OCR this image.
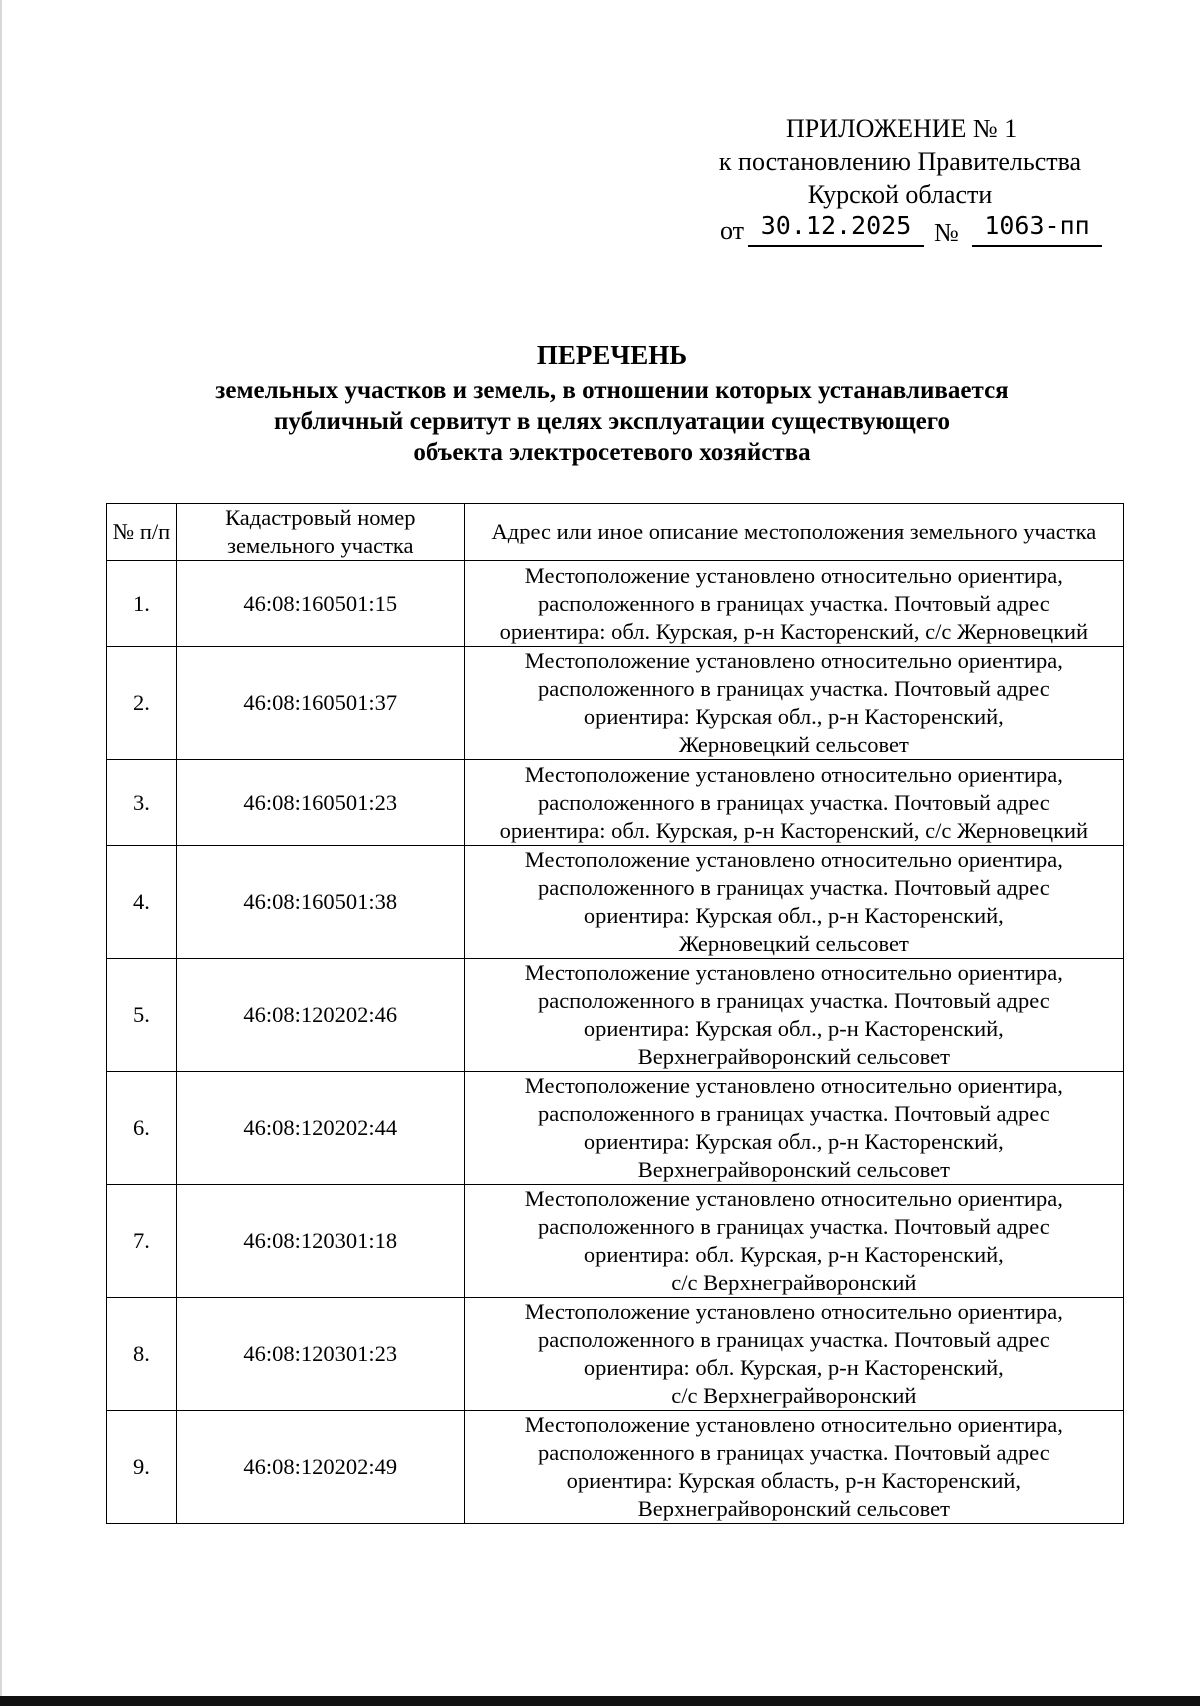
ПРИЛОЖЕНИЕ № 1
к постановлению Правительства
Курской области
от 30.12.2025 №	1063-пп
ПЕРЕЧЕНЬ
земельных участков и земель, в отношении которых устанавливается
публичный сервитут в целях эксплуатации существующего
объекта электросетевого хозяйства
№ п/п	Кадастровый номер земельного участка	Адрес или иное описание местоположения земельного участка
1.	46:08:160501:15	Местоположение установлено относительно ориентира,
расположенного в границах участка. Почтовый адрес
ориентира: обл. Курская, р-н Касторенский, с/с Жерновецкий
2.	46:08:160501:37	Местоположение установлено относительно ориентира,
расположенного в границах участка. Почтовый адрес
ориентира: Курская обл., р-н Касторенский,
Жерновецкий сельсовет
3.	46:08:160501:23	Местоположение установлено относительно ориентира,
расположенного в границах участка. Почтовый адрес
ориентира: обл. Курская, р-н Касторенский, с/с Жерновецкий
4.	46:08:160501:38	Местоположение установлено относительно ориентира,
расположенного в границах участка. Почтовый адрес
ориентира: Курская обл., р-н Касторенский,
Жерновецкий сельсовет
5.	46:08:120202:46	Местоположение установлено относительно ориентира,
расположенного в границах участка. Почтовый адрес
ориентира: Курская обл., р-н Касторенский,
Верхнеграйворонский сельсовет
6.	46:08:120202:44	Местоположение установлено относительно ориентира,
расположенного в границах участка. Почтовый адрес
ориентира: Курская обл., р-н Касторенский,
Верхнеграйворонский сельсовет
7.	46:08:120301:18	Местоположение установлено относительно ориентира,
расположенного в границах участка. Почтовый адрес
ориентира: обл. Курская, р-н Касторенский,
с/с Верхнеграйворонский
8.	46:08:120301:23	Местоположение установлено относительно ориентира,
расположенного в границах участка. Почтовый адрес
ориентира: обл. Курская, р-н Касторенский,
с/с Верхнеграйворонский
9.	46:08:120202:49	Местоположение установлено относительно ориентира,
расположенного в границах участка. Почтовый адрес
ориентира: Курская область, р-н Касторенский,
Верхнеграйворонский сельсовет
